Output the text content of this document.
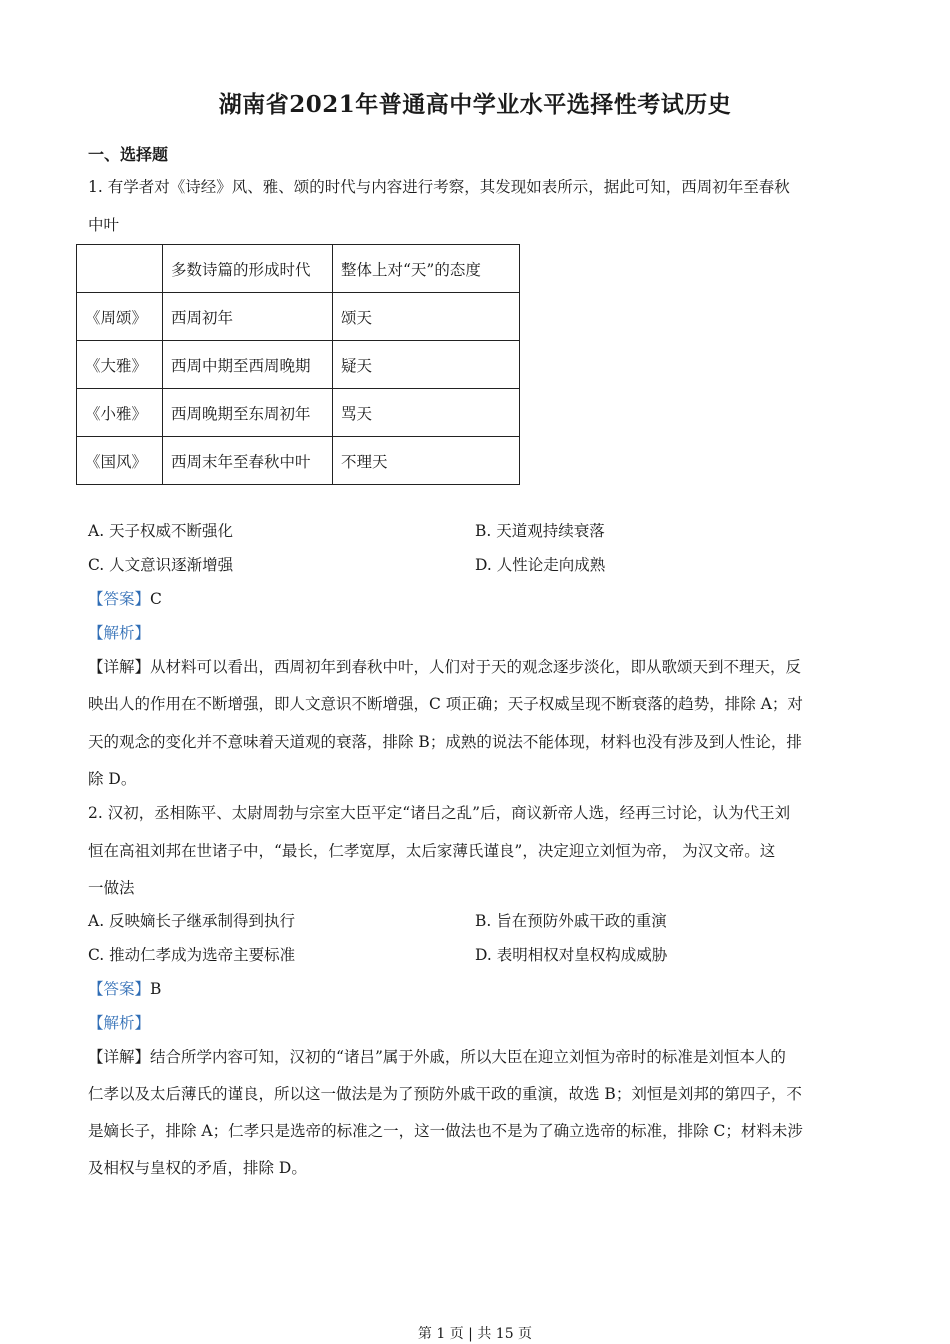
湖南省2021年普通高中学业水平选择性考试历史
一、选择题
1. 有学者对《诗经》风、雅、颂的时代与内容进行考察，其发现如表所示，据此可知，西周初年至春秋
中叶
	多数诗篇的形成时代	整体上对“天”的态度
《周颂》	西周初年	颂天
《大雅》	西周中期至西周晚期	疑天
《小雅》	西周晚期至东周初年	骂天
《国风》	西周末年至春秋中叶	不理天
A. 天子权威不断强化	B. 天道观持续衰落
C. 人文意识逐渐增强	D. 人性论走向成熟
【答案】C
【解析】
【详解】从材料可以看出，西周初年到春秋中叶，人们对于天的观念逐步淡化，即从歌颂天到不理天，反
映出人的作用在不断增强，即人文意识不断增强，C 项正确；天子权威呈现不断衰落的趋势，排除 A；对
天的观念的变化并不意味着天道观的衰落，排除 B；成熟的说法不能体现，材料也没有涉及到人性论，排
除 D。
2. 汉初，丞相陈平、太尉周勃与宗室大臣平定“诸吕之乱”后，商议新帝人选，经再三讨论，认为代王刘
恒在高祖刘邦在世诸子中，“最长，仁孝宽厚，太后家薄氏谨良”，决定迎立刘恒为帝， 为汉文帝。这
一做法
A. 反映嫡长子继承制得到执行	B. 旨在预防外戚干政的重演
C. 推动仁孝成为选帝主要标准	D. 表明相权对皇权构成威胁
【答案】B
【解析】
【详解】结合所学内容可知，汉初的“诸吕”属于外戚，所以大臣在迎立刘恒为帝时的标准是刘恒本人的
仁孝以及太后薄氏的谨良，所以这一做法是为了预防外戚干政的重演，故选 B；刘恒是刘邦的第四子，不
是嫡长子，排除 A；仁孝只是选帝的标准之一，这一做法也不是为了确立选帝的标准，排除 C；材料未涉
及相权与皇权的矛盾，排除 D。
第 1 页 | 共 15 页
